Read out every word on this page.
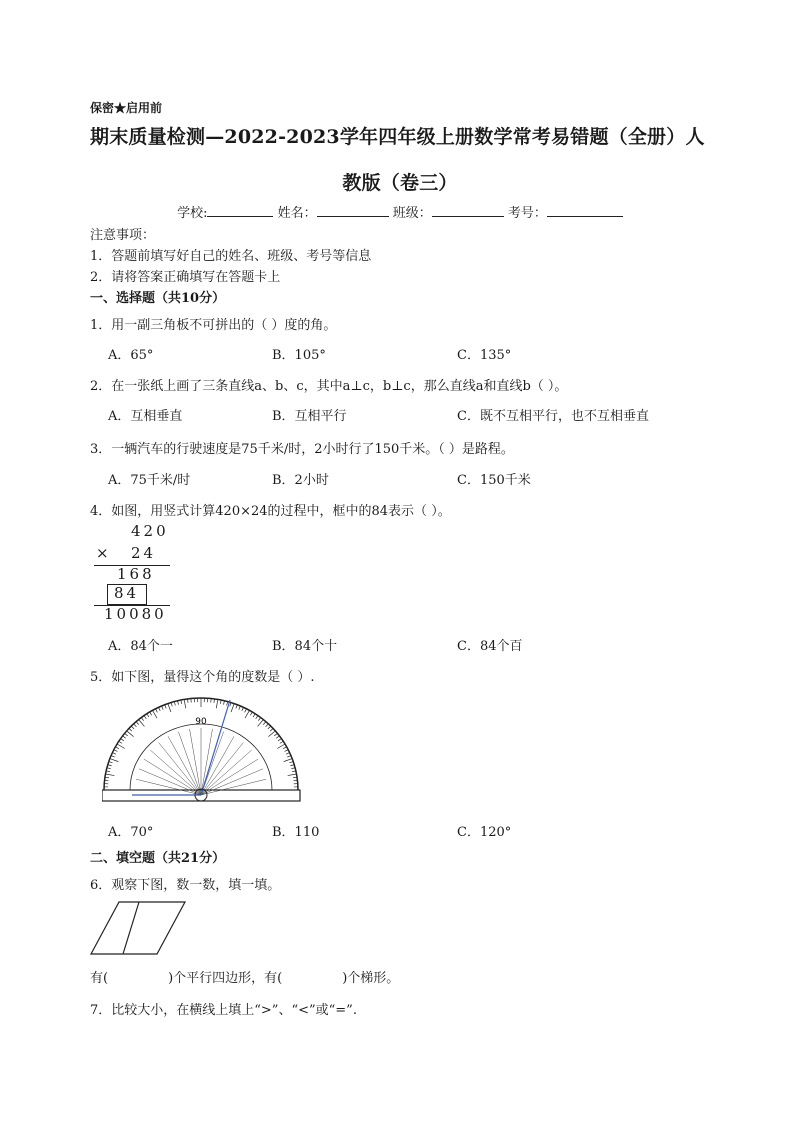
保密★启用前
期末质量检测—2022-2023学年四年级上册数学常考易错题（全册）人
教版（卷三）
学校:	姓名：	班级：	考号：
注意事项：
1．答题前填写好自己的姓名、班级、考号等信息
2．请将答案正确填写在答题卡上
一、选择题（共10分）
1．用一副三角板不可拼出的（ ）度的角。
A．65°	B．105°	C．135°
2．在一张纸上画了三条直线a、b、c，其中a⊥c，b⊥c，那么直线a和直线b（ ）。
A．互相垂直	B．互相平行	C．既不互相平行，也不互相垂直
3．一辆汽车的行驶速度是75千米/时，2小时行了150千米。（ ）是路程。
A．75千米/时	B．2小时	C．150千米
4．如图，用竖式计算420×24的过程中，框中的84表示（ ）。
420
× 24
168
84
10080
A．84个一	B．84个十	C．84个百
5．如下图，量得这个角的度数是（ ）.
90
A．70°	B．110	C．120°
二、填空题（共21分）
6．观察下图，数一数，填一填。
有(	)个平行四边形，有(	)个梯形。
7．比较大小，在横线上填上“>”、“<”或“=”.
